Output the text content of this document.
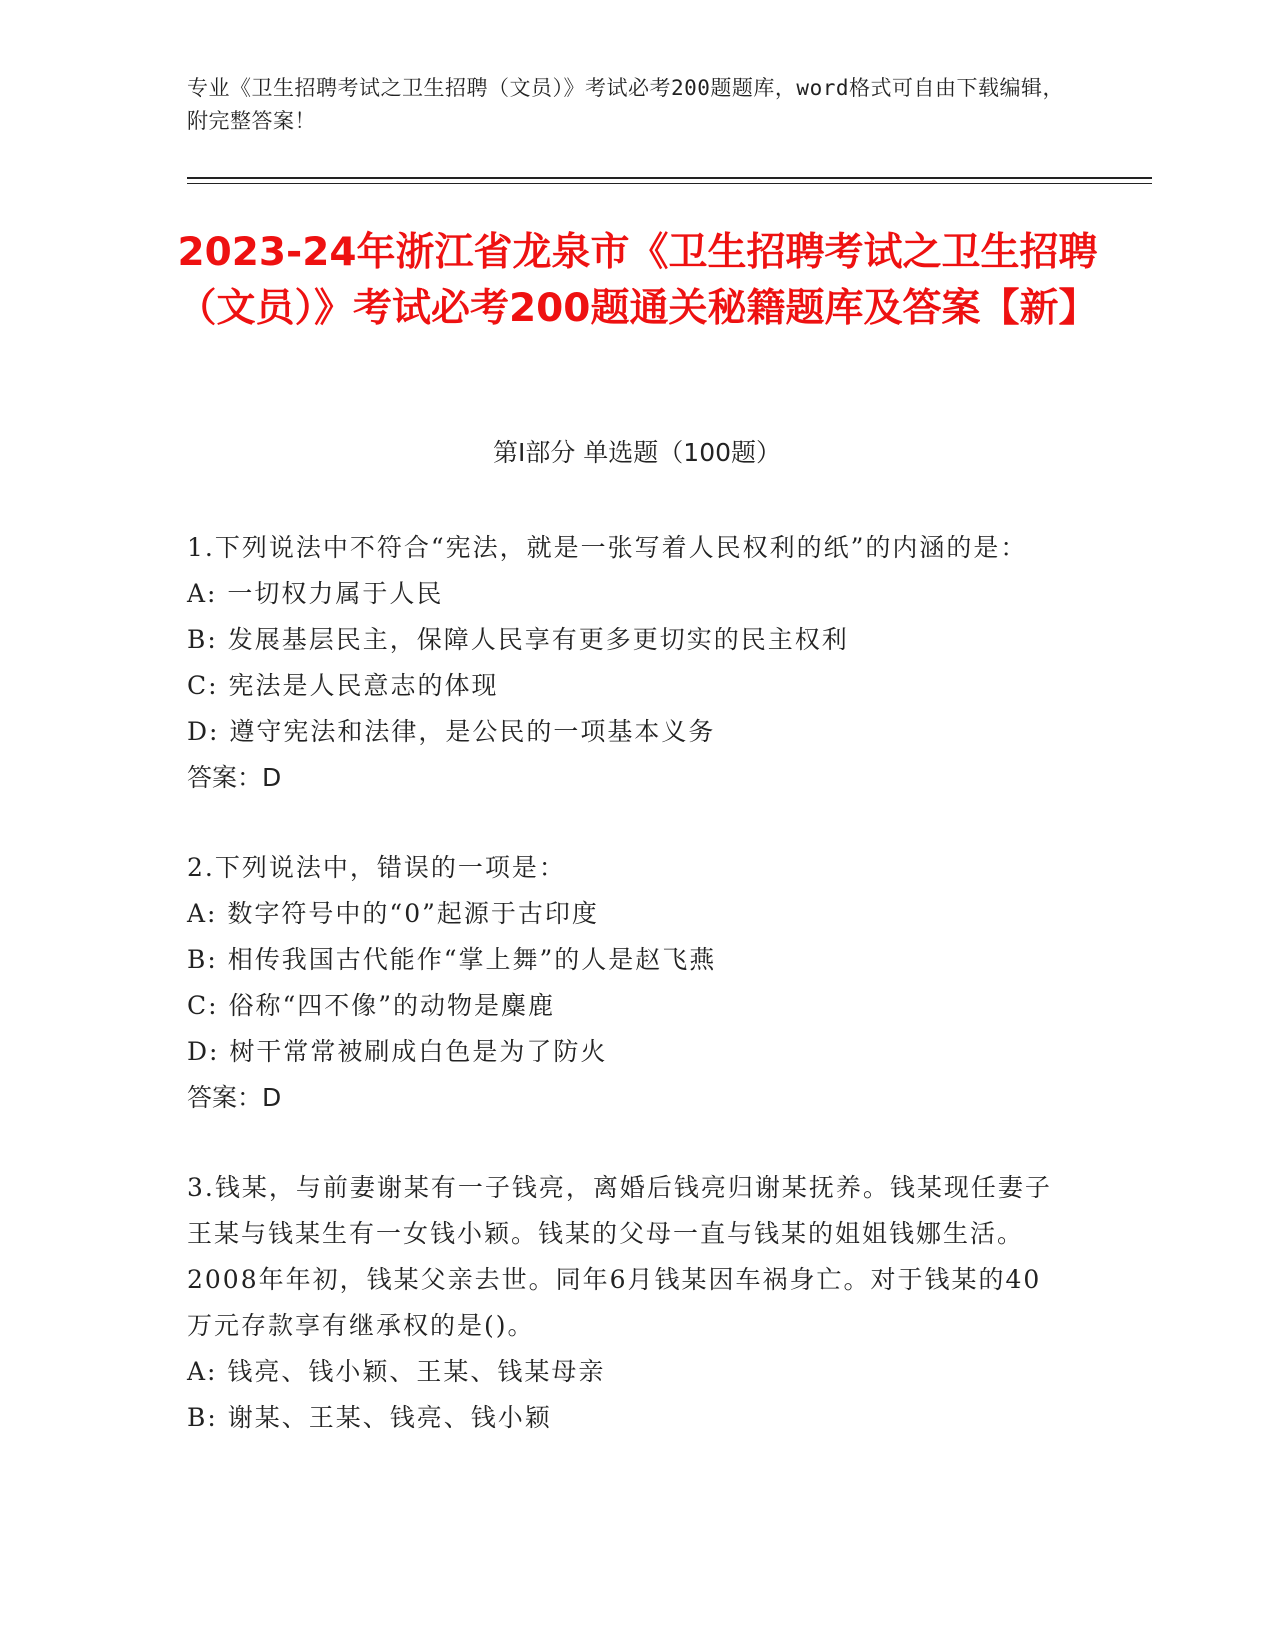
专业《卫生招聘考试之卫生招聘（文员）》考试必考200题题库，word格式可自由下载编辑，附完整答案！
2023-24年浙江省龙泉市《卫生招聘考试之卫生招聘（文员）》考试必考200题通关秘籍题库及答案【新】
第Ⅰ部分 单选题（100题）

1.下列说法中不符合“宪法，就是一张写着人民权利的纸”的内涵的是：

A: 一切权力属于人民

B: 发展基层民主，保障人民享有更多更切实的民主权利

C: 宪法是人民意志的体现

D: 遵守宪法和法律，是公民的一项基本义务

答案：D

2.下列说法中，错误的一项是：

A: 数字符号中的“0”起源于古印度

B: 相传我国古代能作“掌上舞”的人是赵飞燕

C: 俗称“四不像”的动物是麋鹿

D: 树干常常被刷成白色是为了防火

答案：D

3.钱某，与前妻谢某有一子钱亮，离婚后钱亮归谢某抚养。钱某现任妻子王某与钱某生有一女钱小颖。钱某的父母一直与钱某的姐姐钱娜生活。2008年年初，钱某父亲去世。同年6月钱某因车祸身亡。对于钱某的40万元存款享有继承权的是()。

A: 钱亮、钱小颖、王某、钱某母亲

B: 谢某、王某、钱亮、钱小颖
